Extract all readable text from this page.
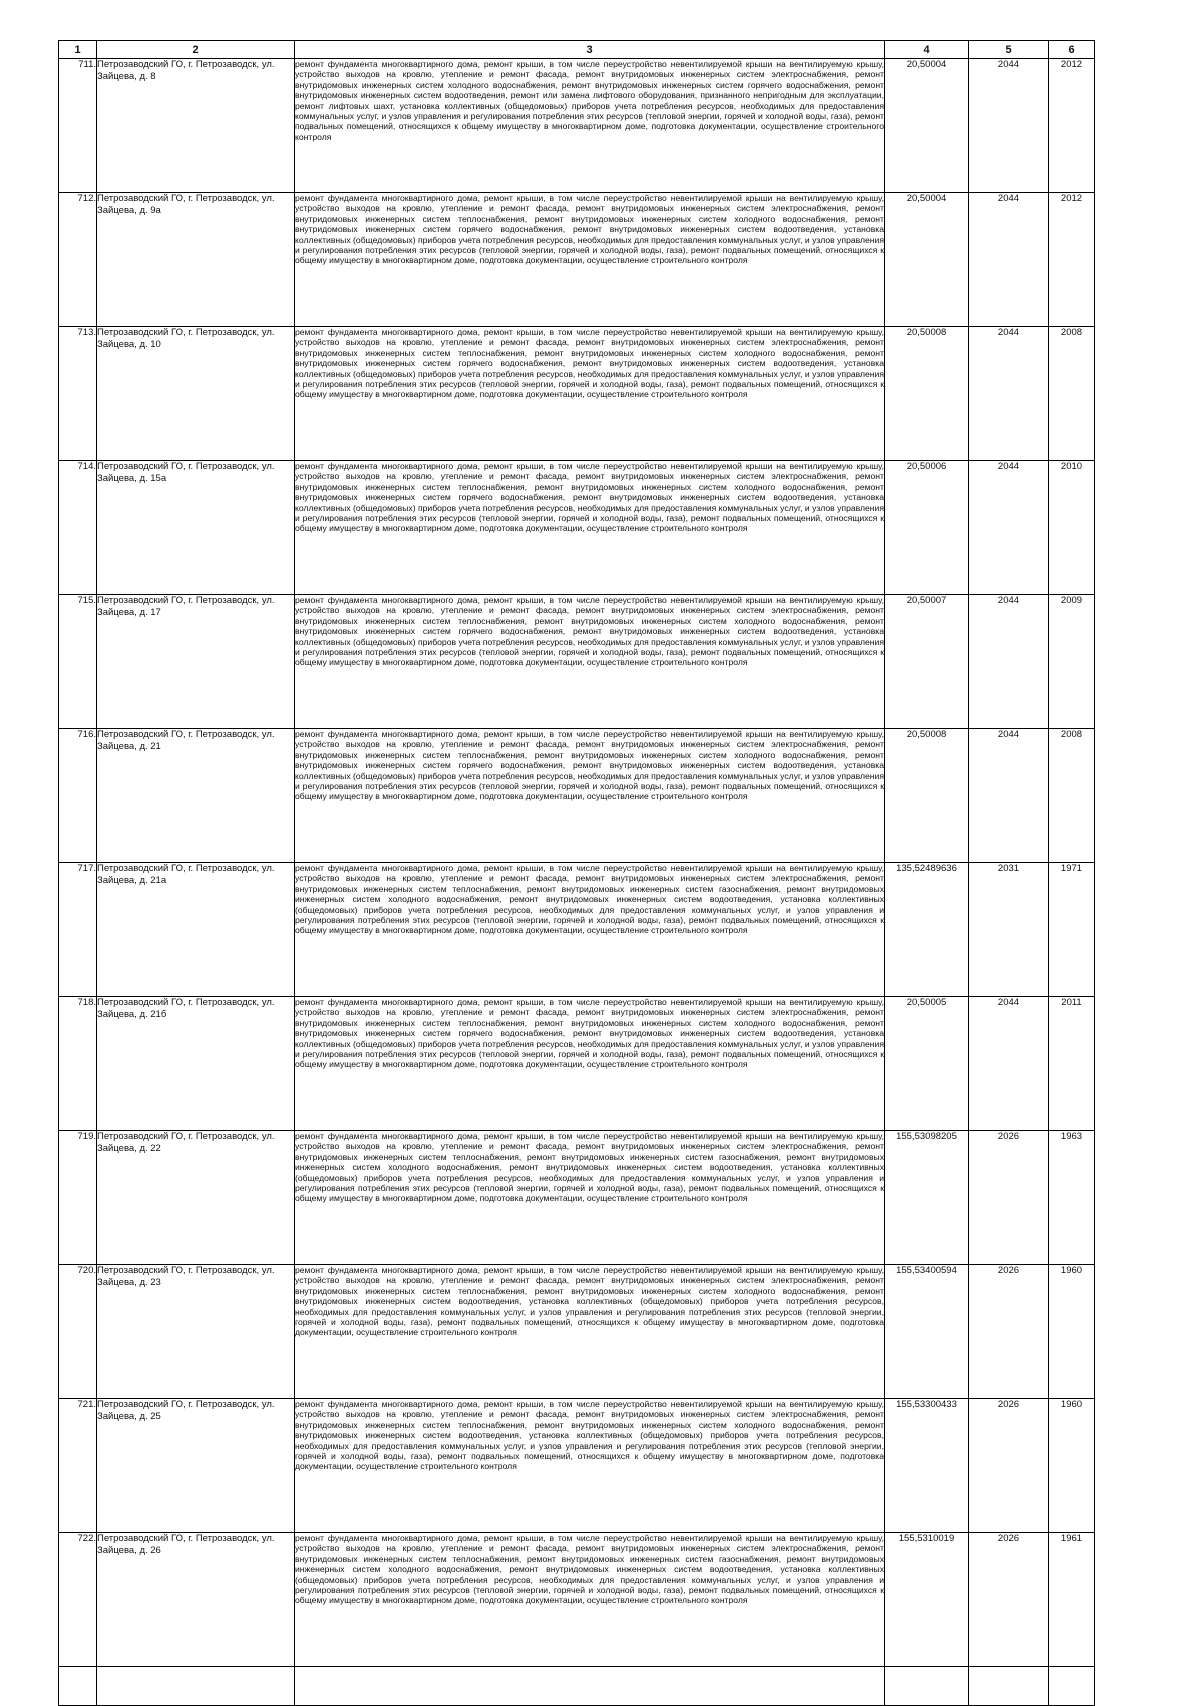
1	2	3	4	5	6
711.	Петрозаводский ГО, г. Петрозаводск, ул. Зайцева, д. 8	ремонт фундамента многоквартирного дома, ремонт крыши, в том числе переустройство невентилируемой крыши на вентилируемую крышу, устройство выходов на кровлю, утепление и ремонт фасада, ремонт внутридомовых инженерных систем электроснабжения, ремонт внутридомовых инженерных систем холодного водоснабжения, ремонт внутридомовых инженерных систем горячего водоснабжения, ремонт внутридомовых инженерных систем водоотведения, ремонт или замена лифтового оборудования, признанного непригодным для эксплуатации, ремонт лифтовых шахт, установка коллективных (общедомовых) приборов учета потребления ресурсов, необходимых для предоставления коммунальных услуг, и узлов управления и регулирования потребления этих ресурсов (тепловой энергии, горячей и холодной воды, газа), ремонт подвальных помещений, относящихся к общему имуществу в многоквартирном доме, подготовка документации, осуществление строительного контроля	20,50004	2044	2012
712.	Петрозаводский ГО, г. Петрозаводск, ул. Зайцева, д. 9а	ремонт фундамента многоквартирного дома, ремонт крыши, в том числе переустройство невентилируемой крыши на вентилируемую крышу, устройство выходов на кровлю, утепление и ремонт фасада, ремонт внутридомовых инженерных систем электроснабжения, ремонт внутридомовых инженерных систем теплоснабжения, ремонт внутридомовых инженерных систем холодного водоснабжения, ремонт внутридомовых инженерных систем горячего водоснабжения, ремонт внутридомовых инженерных систем водоотведения, установка коллективных (общедомовых) приборов учета потребления ресурсов, необходимых для предоставления коммунальных услуг, и узлов управления и регулирования потребления этих ресурсов (тепловой энергии, горячей и холодной воды, газа), ремонт подвальных помещений, относящихся к общему имуществу в многоквартирном доме, подготовка документации, осуществление строительного контроля	20,50004	2044	2012
713.	Петрозаводский ГО, г. Петрозаводск, ул. Зайцева, д. 10	ремонт фундамента многоквартирного дома, ремонт крыши, в том числе переустройство невентилируемой крыши на вентилируемую крышу, устройство выходов на кровлю, утепление и ремонт фасада, ремонт внутридомовых инженерных систем электроснабжения, ремонт внутридомовых инженерных систем теплоснабжения, ремонт внутридомовых инженерных систем холодного водоснабжения, ремонт внутридомовых инженерных систем горячего водоснабжения, ремонт внутридомовых инженерных систем водоотведения, установка коллективных (общедомовых) приборов учета потребления ресурсов, необходимых для предоставления коммунальных услуг, и узлов управления и регулирования потребления этих ресурсов (тепловой энергии, горячей и холодной воды, газа), ремонт подвальных помещений, относящихся к общему имуществу в многоквартирном доме, подготовка документации, осуществление строительного контроля	20,50008	2044	2008
714.	Петрозаводский ГО, г. Петрозаводск, ул. Зайцева, д. 15а	ремонт фундамента многоквартирного дома, ремонт крыши, в том числе переустройство невентилируемой крыши на вентилируемую крышу, устройство выходов на кровлю, утепление и ремонт фасада, ремонт внутридомовых инженерных систем электроснабжения, ремонт внутридомовых инженерных систем теплоснабжения, ремонт внутридомовых инженерных систем холодного водоснабжения, ремонт внутридомовых инженерных систем горячего водоснабжения, ремонт внутридомовых инженерных систем водоотведения, установка коллективных (общедомовых) приборов учета потребления ресурсов, необходимых для предоставления коммунальных услуг, и узлов управления и регулирования потребления этих ресурсов (тепловой энергии, горячей и холодной воды, газа), ремонт подвальных помещений, относящихся к общему имуществу в многоквартирном доме, подготовка документации, осуществление строительного контроля	20,50006	2044	2010
715.	Петрозаводский ГО, г. Петрозаводск, ул. Зайцева, д. 17	ремонт фундамента многоквартирного дома, ремонт крыши, в том числе переустройство невентилируемой крыши на вентилируемую крышу, устройство выходов на кровлю, утепление и ремонт фасада, ремонт внутридомовых инженерных систем электроснабжения, ремонт внутридомовых инженерных систем теплоснабжения, ремонт внутридомовых инженерных систем холодного водоснабжения, ремонт внутридомовых инженерных систем горячего водоснабжения, ремонт внутридомовых инженерных систем водоотведения, установка коллективных (общедомовых) приборов учета потребления ресурсов, необходимых для предоставления коммунальных услуг, и узлов управления и регулирования потребления этих ресурсов (тепловой энергии, горячей и холодной воды, газа), ремонт подвальных помещений, относящихся к общему имуществу в многоквартирном доме, подготовка документации, осуществление строительного контроля	20,50007	2044	2009
716.	Петрозаводский ГО, г. Петрозаводск, ул. Зайцева, д. 21	ремонт фундамента многоквартирного дома, ремонт крыши, в том числе переустройство невентилируемой крыши на вентилируемую крышу, устройство выходов на кровлю, утепление и ремонт фасада, ремонт внутридомовых инженерных систем электроснабжения, ремонт внутридомовых инженерных систем теплоснабжения, ремонт внутридомовых инженерных систем холодного водоснабжения, ремонт внутридомовых инженерных систем горячего водоснабжения, ремонт внутридомовых инженерных систем водоотведения, установка коллективных (общедомовых) приборов учета потребления ресурсов, необходимых для предоставления коммунальных услуг, и узлов управления и регулирования потребления этих ресурсов (тепловой энергии, горячей и холодной воды, газа), ремонт подвальных помещений, относящихся к общему имуществу в многоквартирном доме, подготовка документации, осуществление строительного контроля	20,50008	2044	2008
717.	Петрозаводский ГО, г. Петрозаводск, ул. Зайцева, д. 21а	ремонт фундамента многоквартирного дома, ремонт крыши, в том числе переустройство невентилируемой крыши на вентилируемую крышу, устройство выходов на кровлю, утепление и ремонт фасада, ремонт внутридомовых инженерных систем электроснабжения, ремонт внутридомовых инженерных систем теплоснабжения, ремонт внутридомовых инженерных систем газоснабжения, ремонт внутридомовых инженерных систем холодного водоснабжения, ремонт внутридомовых инженерных систем водоотведения, установка коллективных (общедомовых) приборов учета потребления ресурсов, необходимых для предоставления коммунальных услуг, и узлов управления и регулирования потребления этих ресурсов (тепловой энергии, горячей и холодной воды, газа), ремонт подвальных помещений, относящихся к общему имуществу в многоквартирном доме, подготовка документации, осуществление строительного контроля	135,52489636	2031	1971
718.	Петрозаводский ГО, г. Петрозаводск, ул. Зайцева, д. 21б	ремонт фундамента многоквартирного дома, ремонт крыши, в том числе переустройство невентилируемой крыши на вентилируемую крышу, устройство выходов на кровлю, утепление и ремонт фасада, ремонт внутридомовых инженерных систем электроснабжения, ремонт внутридомовых инженерных систем теплоснабжения, ремонт внутридомовых инженерных систем холодного водоснабжения, ремонт внутридомовых инженерных систем горячего водоснабжения, ремонт внутридомовых инженерных систем водоотведения, установка коллективных (общедомовых) приборов учета потребления ресурсов, необходимых для предоставления коммунальных услуг, и узлов управления и регулирования потребления этих ресурсов (тепловой энергии, горячей и холодной воды, газа), ремонт подвальных помещений, относящихся к общему имуществу в многоквартирном доме, подготовка документации, осуществление строительного контроля	20,50005	2044	2011
719.	Петрозаводский ГО, г. Петрозаводск, ул. Зайцева, д. 22	ремонт фундамента многоквартирного дома, ремонт крыши, в том числе переустройство невентилируемой крыши на вентилируемую крышу, устройство выходов на кровлю, утепление и ремонт фасада, ремонт внутридомовых инженерных систем электроснабжения, ремонт внутридомовых инженерных систем теплоснабжения, ремонт внутридомовых инженерных систем газоснабжения, ремонт внутридомовых инженерных систем холодного водоснабжения, ремонт внутридомовых инженерных систем водоотведения, установка коллективных (общедомовых) приборов учета потребления ресурсов, необходимых для предоставления коммунальных услуг, и узлов управления и регулирования потребления этих ресурсов (тепловой энергии, горячей и холодной воды, газа), ремонт подвальных помещений, относящихся к общему имуществу в многоквартирном доме, подготовка документации, осуществление строительного контроля	155,53098205	2026	1963
720.	Петрозаводский ГО, г. Петрозаводск, ул. Зайцева, д. 23	ремонт фундамента многоквартирного дома, ремонт крыши, в том числе переустройство невентилируемой крыши на вентилируемую крышу, устройство выходов на кровлю, утепление и ремонт фасада, ремонт внутридомовых инженерных систем электроснабжения, ремонт внутридомовых инженерных систем теплоснабжения, ремонт внутридомовых инженерных систем холодного водоснабжения, ремонт внутридомовых инженерных систем водоотведения, установка коллективных (общедомовых) приборов учета потребления ресурсов, необходимых для предоставления коммунальных услуг, и узлов управления и регулирования потребления этих ресурсов (тепловой энергии, горячей и холодной воды, газа), ремонт подвальных помещений, относящихся к общему имуществу в многоквартирном доме, подготовка документации, осуществление строительного контроля	155,53400594	2026	1960
721.	Петрозаводский ГО, г. Петрозаводск, ул. Зайцева, д. 25	ремонт фундамента многоквартирного дома, ремонт крыши, в том числе переустройство невентилируемой крыши на вентилируемую крышу, устройство выходов на кровлю, утепление и ремонт фасада, ремонт внутридомовых инженерных систем электроснабжения, ремонт внутридомовых инженерных систем теплоснабжения, ремонт внутридомовых инженерных систем холодного водоснабжения, ремонт внутридомовых инженерных систем водоотведения, установка коллективных (общедомовых) приборов учета потребления ресурсов, необходимых для предоставления коммунальных услуг, и узлов управления и регулирования потребления этих ресурсов (тепловой энергии, горячей и холодной воды, газа), ремонт подвальных помещений, относящихся к общему имуществу в многоквартирном доме, подготовка документации, осуществление строительного контроля	155,53300433	2026	1960
722.	Петрозаводский ГО, г. Петрозаводск, ул. Зайцева, д. 26	ремонт фундамента многоквартирного дома, ремонт крыши, в том числе переустройство невентилируемой крыши на вентилируемую крышу, устройство выходов на кровлю, утепление и ремонт фасада, ремонт внутридомовых инженерных систем электроснабжения, ремонт внутридомовых инженерных систем теплоснабжения, ремонт внутридомовых инженерных систем газоснабжения, ремонт внутридомовых инженерных систем холодного водоснабжения, ремонт внутридомовых инженерных систем водоотведения, установка коллективных (общедомовых) приборов учета потребления ресурсов, необходимых для предоставления коммунальных услуг, и узлов управления и регулирования потребления этих ресурсов (тепловой энергии, горячей и холодной воды, газа), ремонт подвальных помещений, относящихся к общему имуществу в многоквартирном доме, подготовка документации, осуществление строительного контроля	155,5310019	2026	1961
